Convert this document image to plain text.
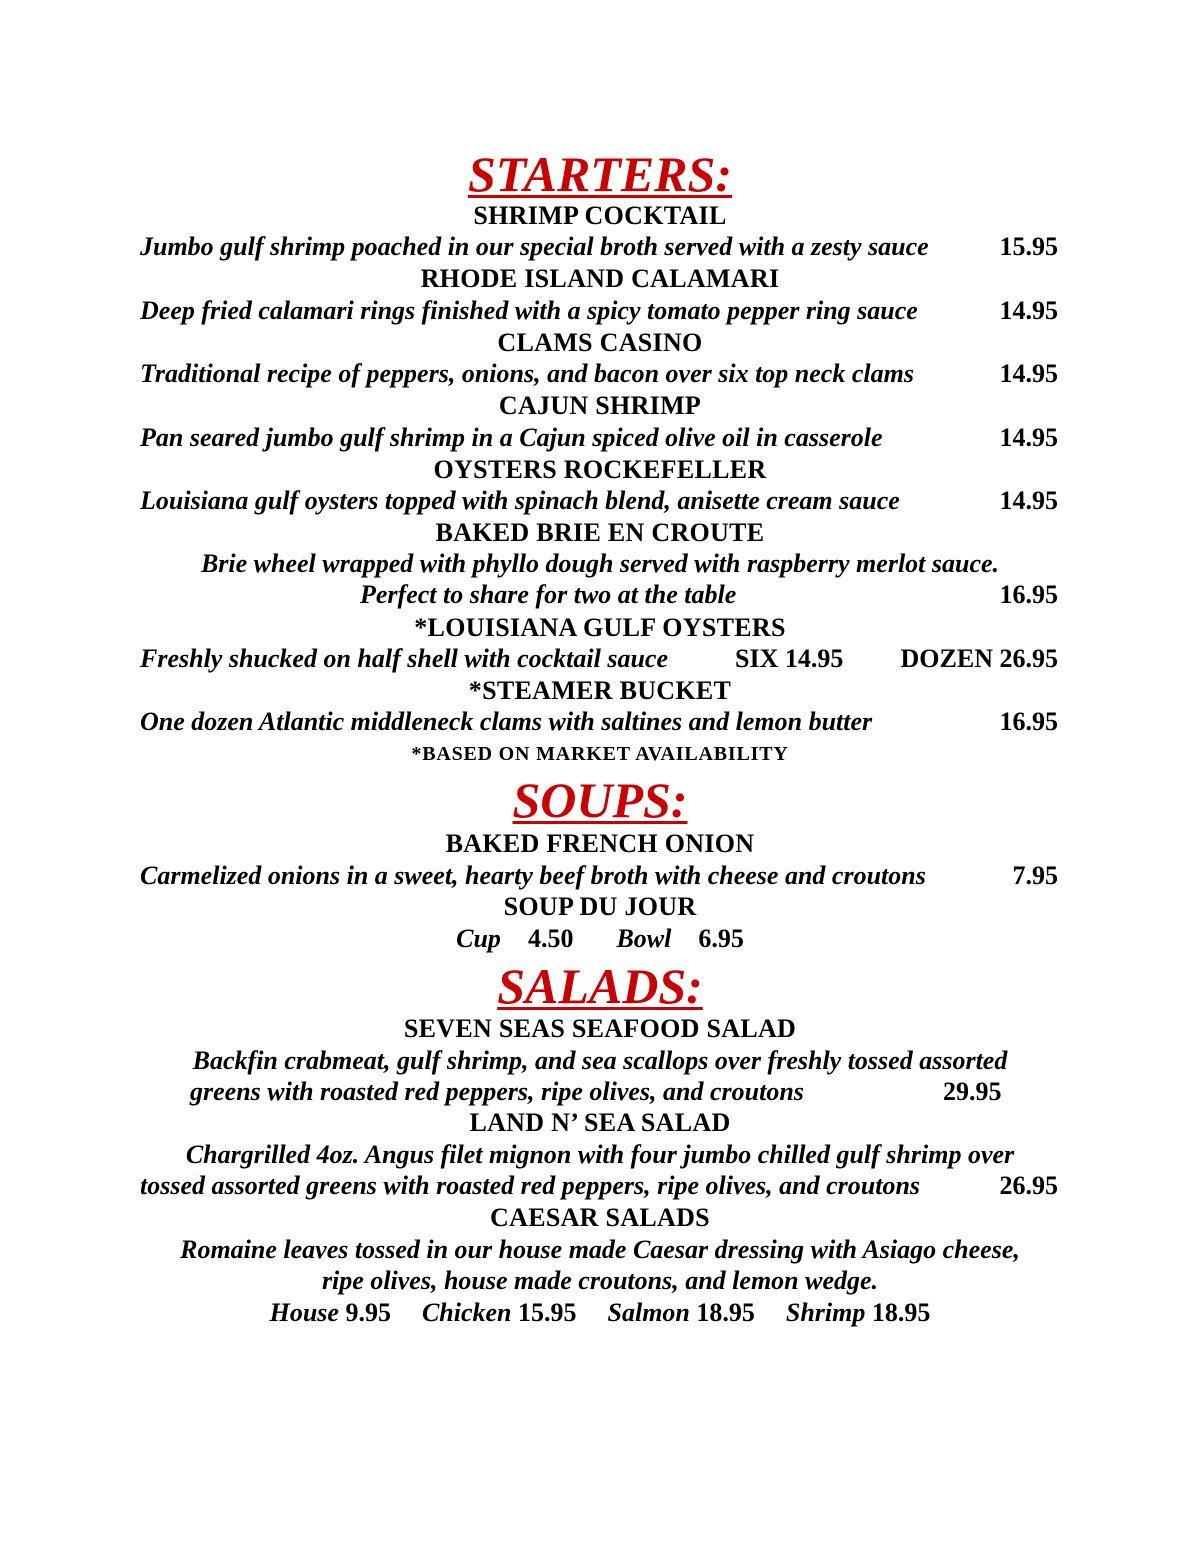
STARTERS:
SHRIMP COCKTAIL
Jumbo gulf shrimp poached in our special broth served with a zesty sauce	15.95
RHODE ISLAND CALAMARI
Deep fried calamari rings finished with a spicy tomato pepper ring sauce	14.95
CLAMS CASINO
Traditional recipe of peppers, onions, and bacon over six top neck clams	14.95
CAJUN SHRIMP
Pan seared jumbo gulf shrimp in a Cajun spiced olive oil in casserole	14.95
OYSTERS ROCKEFELLER
Louisiana gulf oysters topped with spinach blend, anisette cream sauce	14.95
BAKED BRIE EN CROUTE
Brie wheel wrapped with phyllo dough served with raspberry merlot sauce.
Perfect to share for two at the table	16.95
*LOUISIANA GULF OYSTERS
Freshly shucked on half shell with cocktail sauce	SIX 14.95 DOZEN 26.95
*STEAMER BUCKET
One dozen Atlantic middleneck clams with saltines and lemon butter	16.95
*BASED ON MARKET AVAILABILITY
SOUPS:
BAKED FRENCH ONION
Carmelized onions in a sweet, hearty beef broth with cheese and croutons	7.95
SOUP DU JOUR
Cup 4.50 Bowl 6.95
SALADS:
SEVEN SEAS SEAFOOD SALAD
Backfin crabmeat, gulf shrimp, and sea scallops over freshly tossed assorted
greens with roasted red peppers, ripe olives, and croutons	29.95
LAND N’ SEA SALAD
Chargrilled 4oz. Angus filet mignon with four jumbo chilled gulf shrimp over
tossed assorted greens with roasted red peppers, ripe olives, and croutons	26.95
CAESAR SALADS
Romaine leaves tossed in our house made Caesar dressing with Asiago cheese,
ripe olives, house made croutons, and lemon wedge.
House 9.95 Chicken 15.95 Salmon 18.95 Shrimp 18.95
